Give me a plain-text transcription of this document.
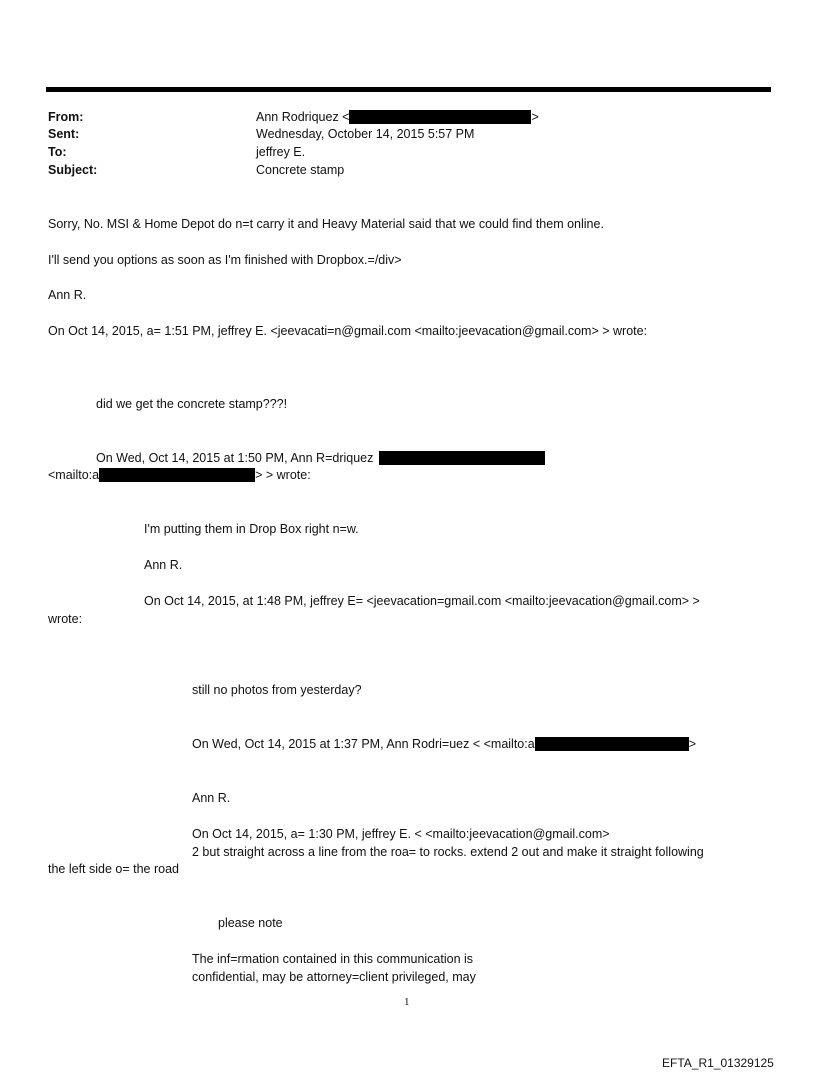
From:	Ann Rodriquez <	>
Sent:	Wednesday, October 14, 2015 5:57 PM
To:	jeffrey E.
Subject:	Concrete stamp
Sorry, No. MSI & Home Depot do n=t carry it and Heavy Material said that we could find them online.
I'll send you options as soon as I'm finished with Dropbox.=/div>
Ann R.
On Oct 14, 2015, a= 1:51 PM, jeffrey E. <jeevacati=n@gmail.com <mailto:jeevacation@gmail.com> > wrote:
did we get the concrete stamp???!
On Wed, Oct 14, 2015 at 1:50 PM, Ann R=driquez
<mailto:a	> > wrote:
I'm putting them in Drop Box right n=w.
Ann R.
On Oct 14, 2015, at 1:48 PM, jeffrey E= <jeevacation=gmail.com <mailto:jeevacation@gmail.com> >
wrote:
still no photos from yesterday?
On Wed, Oct 14, 2015 at 1:37 PM, Ann Rodri=uez < <mailto:a	>
Ann R.
On Oct 14, 2015, a= 1:30 PM, jeffrey E. < <mailto:jeevacation@gmail.com>
2 but straight across a line from the roa= to rocks. extend 2 out and make it straight following
the left side o= the road
please note
The inf=rmation contained in this communication is
confidential, may be attorney=client privileged, may
1
EFTA_R1_01329125
